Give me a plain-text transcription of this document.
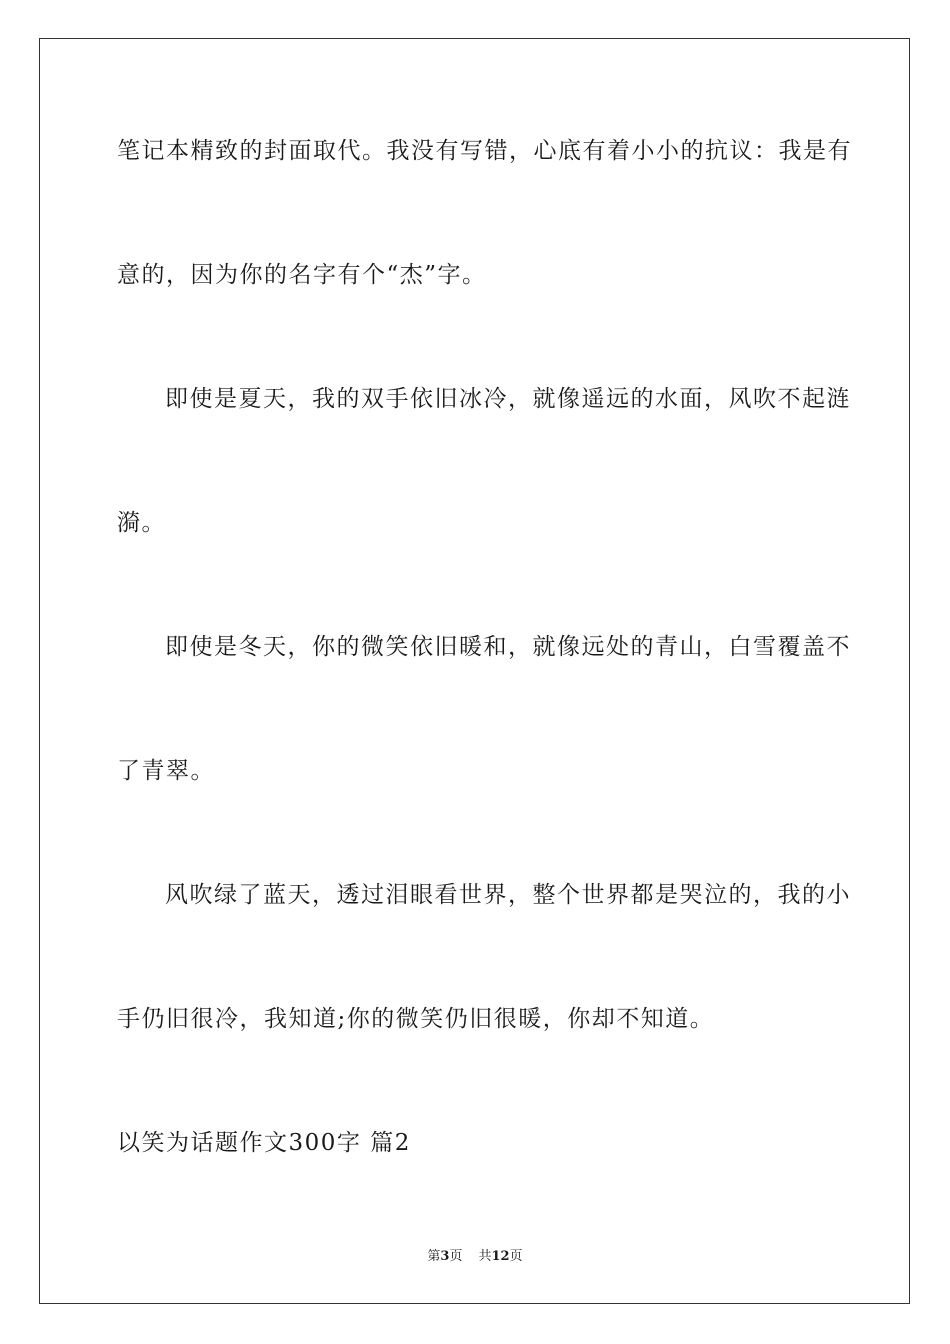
笔记本精致的封面取代。我没有写错，心底有着小小的抗议：我是有
意的，因为你的名字有个“杰”字。
即使是夏天，我的双手依旧冰冷，就像遥远的水面，风吹不起涟
漪。
即使是冬天，你的微笑依旧暖和，就像远处的青山，白雪覆盖不
了青翠。
风吹绿了蓝天，透过泪眼看世界，整个世界都是哭泣的，我的小
手仍旧很冷，我知道;你的微笑仍旧很暖，你却不知道。
以笑为话题作文300字 篇2
第3页 共12页
